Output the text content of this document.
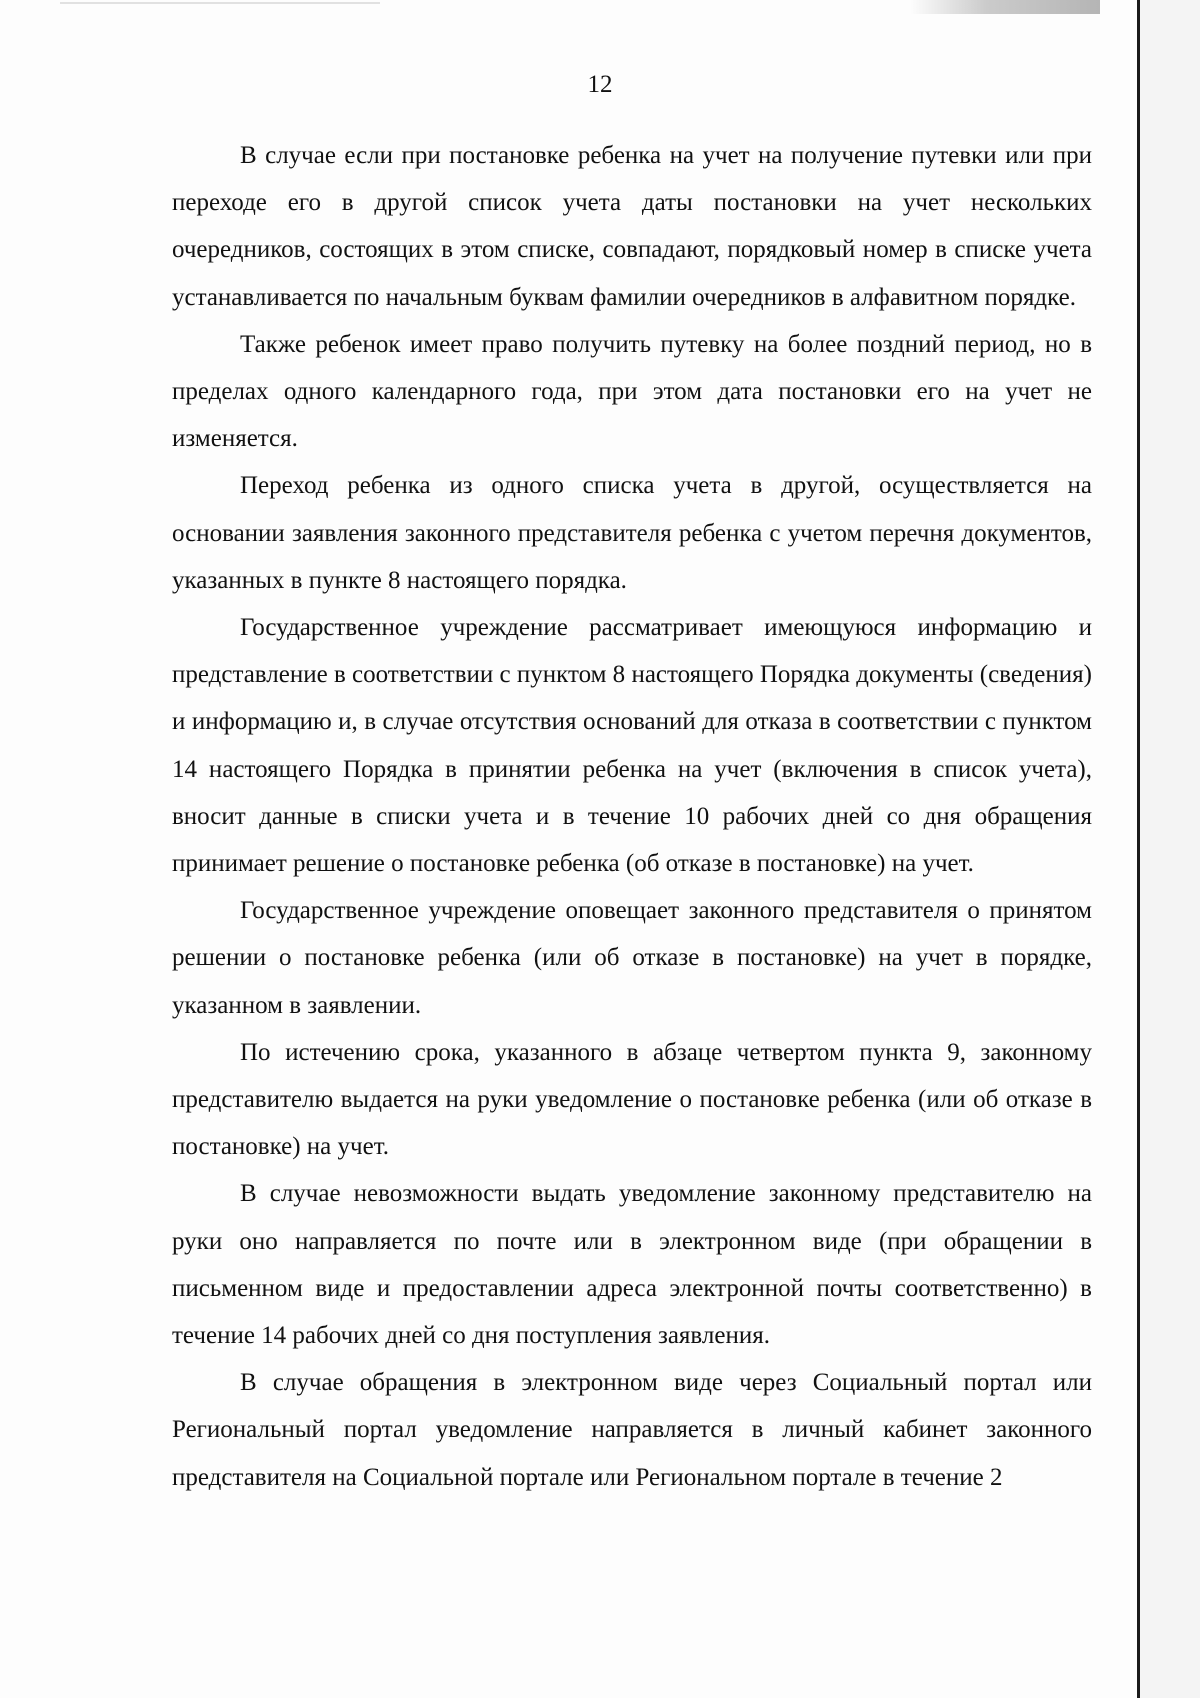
12

В случае если при постановке ребенка на учет на получение путевки или при переходе его в другой список учета даты постановки на учет нескольких очередников, состоящих в этом списке, совпадают, порядковый номер в списке учета устанавливается по начальным буквам фамилии очередников в алфавитном порядке.

Также ребенок имеет право получить путевку на более поздний период, но в пределах одного календарного года, при этом дата постановки его на учет не изменяется.

Переход ребенка из одного списка учета в другой, осуществляется на основании заявления законного представителя ребенка с учетом перечня документов, указанных в пункте 8 настоящего порядка.

Государственное учреждение рассматривает имеющуюся информацию и представление в соответствии с пунктом 8 настоящего Порядка документы (сведения) и информацию и, в случае отсутствия оснований для отказа в соответствии с пунктом 14 настоящего Порядка в принятии ребенка на учет (включения в список учета), вносит данные в списки учета и в течение 10 рабочих дней со дня обращения принимает решение о постановке ребенка (об отказе в постановке) на учет.

Государственное учреждение оповещает законного представителя о принятом решении о постановке ребенка (или об отказе в постановке) на учет в порядке, указанном в заявлении.

По истечению срока, указанного в абзаце четвертом пункта 9, законному представителю выдается на руки уведомление о постановке ребенка (или об отказе в постановке) на учет.

В случае невозможности выдать уведомление законному представителю на руки оно направляется по почте или в электронном виде (при обращении в письменном виде и предоставлении адреса электронной почты соответственно) в течение 14 рабочих дней со дня поступления заявления.

В случае обращения в электронном виде через Социальный портал или Региональный портал уведомление направляется в личный кабинет законного представителя на Социальной портале или Региональном портале в течение 2
